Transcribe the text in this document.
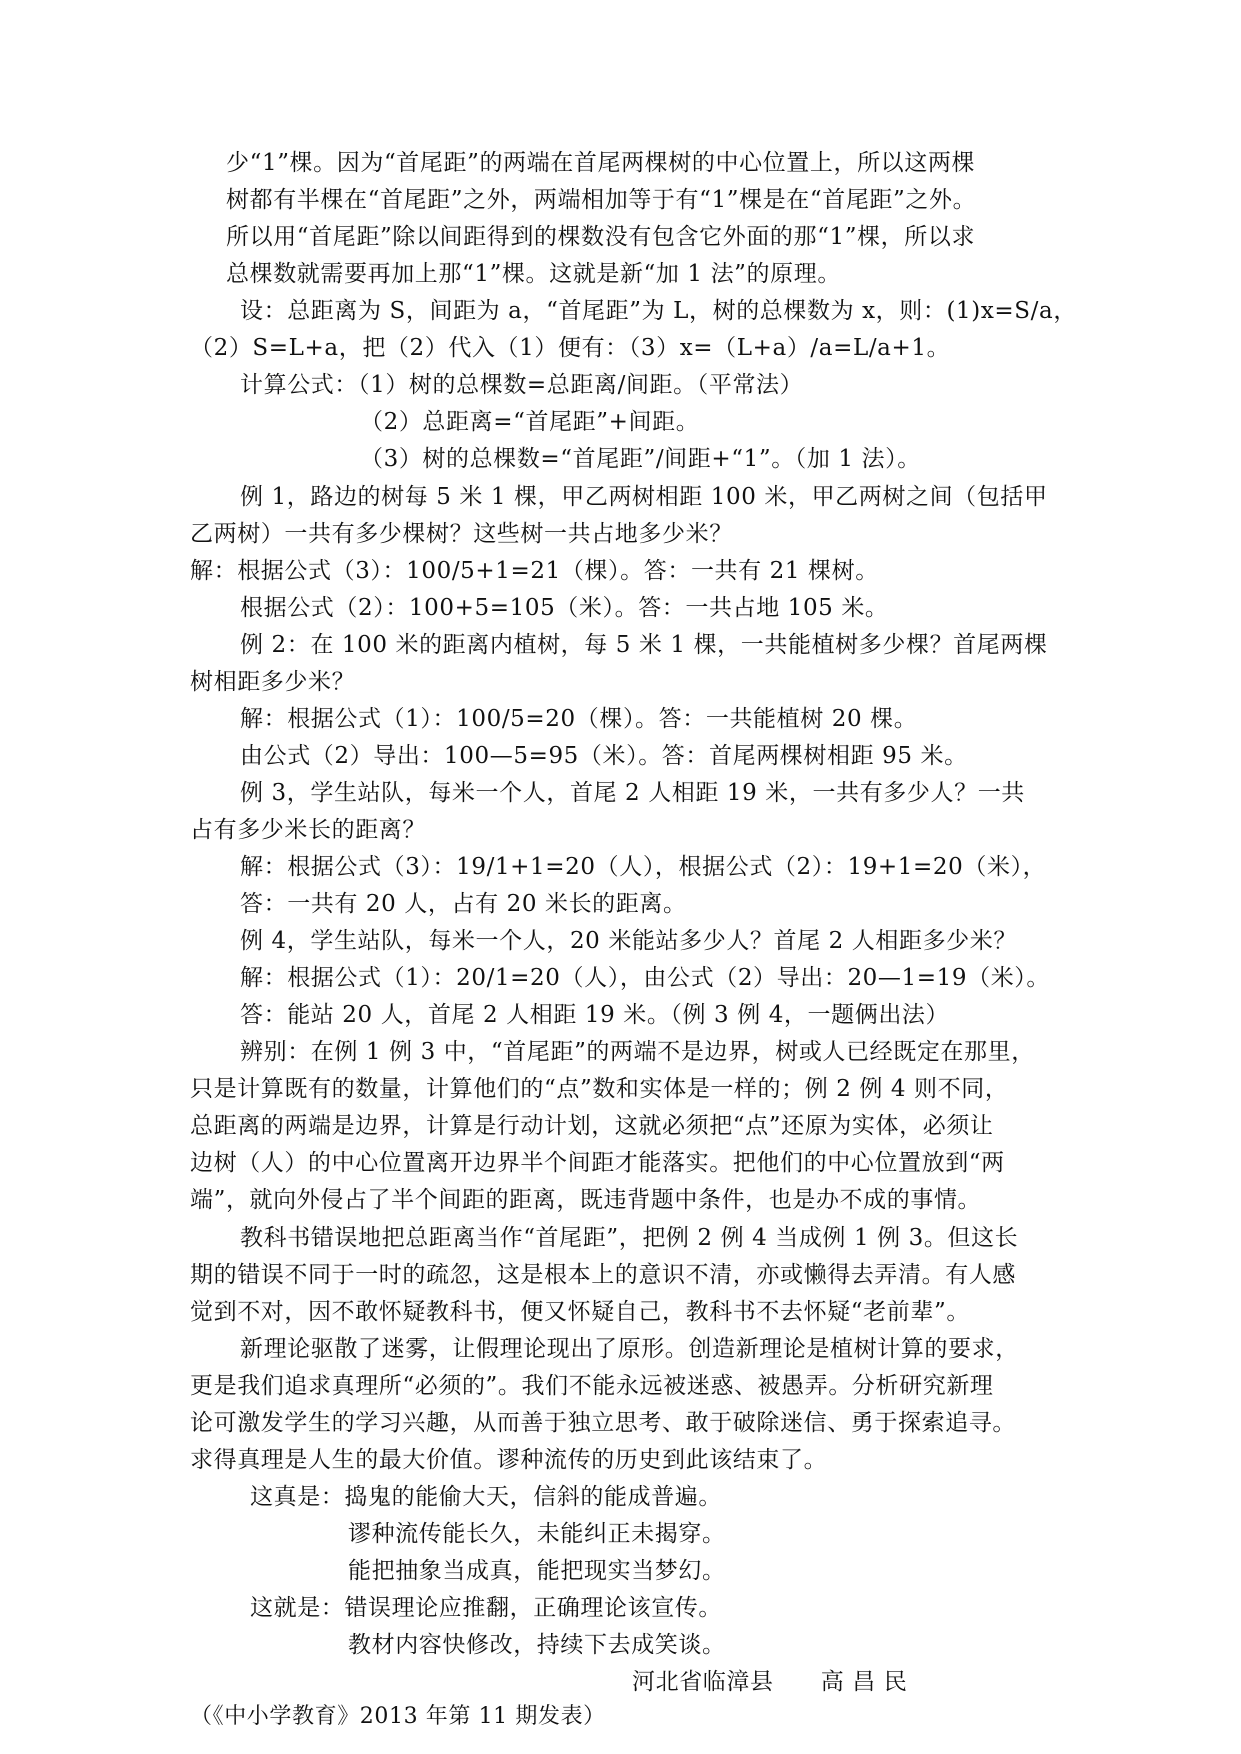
少“1”棵。因为“首尾距”的两端在首尾两棵树的中心位置上，所以这两棵
树都有半棵在“首尾距”之外，两端相加等于有“1”棵是在“首尾距”之外。
所以用“首尾距”除以间距得到的棵数没有包含它外面的那“1”棵，所以求
总棵数就需要再加上那“1”棵。这就是新“加 1 法”的原理。
设：总距离为 S，间距为 a，“首尾距”为 L，树的总棵数为 x，则：(1)x=S/a，
（2）S=L+a，把（2）代入（1）便有：（3）x=（L+a）/a=L/a+1。
计算公式：（1）树的总棵数=总距离/间距。（平常法）
（2）总距离=“首尾距”+间距。
（3）树的总棵数=“首尾距”/间距+“1”。（加 1 法）。
例 1，路边的树每 5 米 1 棵，甲乙两树相距 100 米，甲乙两树之间（包括甲
乙两树）一共有多少棵树？这些树一共占地多少米？
解：根据公式（3）：100/5+1=21（棵）。答：一共有 21 棵树。
根据公式（2）：100+5=105（米）。答：一共占地 105 米。
例 2：在 100 米的距离内植树，每 5 米 1 棵，一共能植树多少棵？首尾两棵
树相距多少米？
解：根据公式（1）：100/5=20（棵）。答：一共能植树 20 棵。
由公式（2）导出：100—5=95（米）。答：首尾两棵树相距 95 米。
例 3，学生站队，每米一个人，首尾 2 人相距 19 米，一共有多少人？一共
占有多少米长的距离？
解：根据公式（3）：19/1+1=20（人），根据公式（2）：19+1=20（米），
答：一共有 20 人，占有 20 米长的距离。
例 4，学生站队，每米一个人，20 米能站多少人？首尾 2 人相距多少米？
解：根据公式（1）：20/1=20（人），由公式（2）导出：20—1=19（米）。
答：能站 20 人，首尾 2 人相距 19 米。（例 3 例 4，一题俩出法）
辨别：在例 1 例 3 中，“首尾距”的两端不是边界，树或人已经既定在那里，
只是计算既有的数量，计算他们的“点”数和实体是一样的；例 2 例 4 则不同，
总距离的两端是边界，计算是行动计划，这就必须把“点”还原为实体，必须让
边树（人）的中心位置离开边界半个间距才能落实。把他们的中心位置放到“两
端”，就向外侵占了半个间距的距离，既违背题中条件，也是办不成的事情。
教科书错误地把总距离当作“首尾距”，把例 2 例 4 当成例 1 例 3。但这长
期的错误不同于一时的疏忽，这是根本上的意识不清，亦或懒得去弄清。有人感
觉到不对，因不敢怀疑教科书，便又怀疑自己，教科书不去怀疑“老前辈”。
新理论驱散了迷雾，让假理论现出了原形。创造新理论是植树计算的要求，
更是我们追求真理所“必须的”。我们不能永远被迷惑、被愚弄。分析研究新理
论可激发学生的学习兴趣，从而善于独立思考、敢于破除迷信、勇于探索追寻。
求得真理是人生的最大价值。谬种流传的历史到此该结束了。
这真是：捣鬼的能偷大天，信斜的能成普遍。
谬种流传能长久，未能纠正未揭穿。
能把抽象当成真，能把现实当梦幻。
这就是：错误理论应推翻，正确理论该宣传。
教材内容快修改，持续下去成笑谈。
河北省临漳县　　高 昌 民
（《中小学教育》2013 年第 11 期发表）
